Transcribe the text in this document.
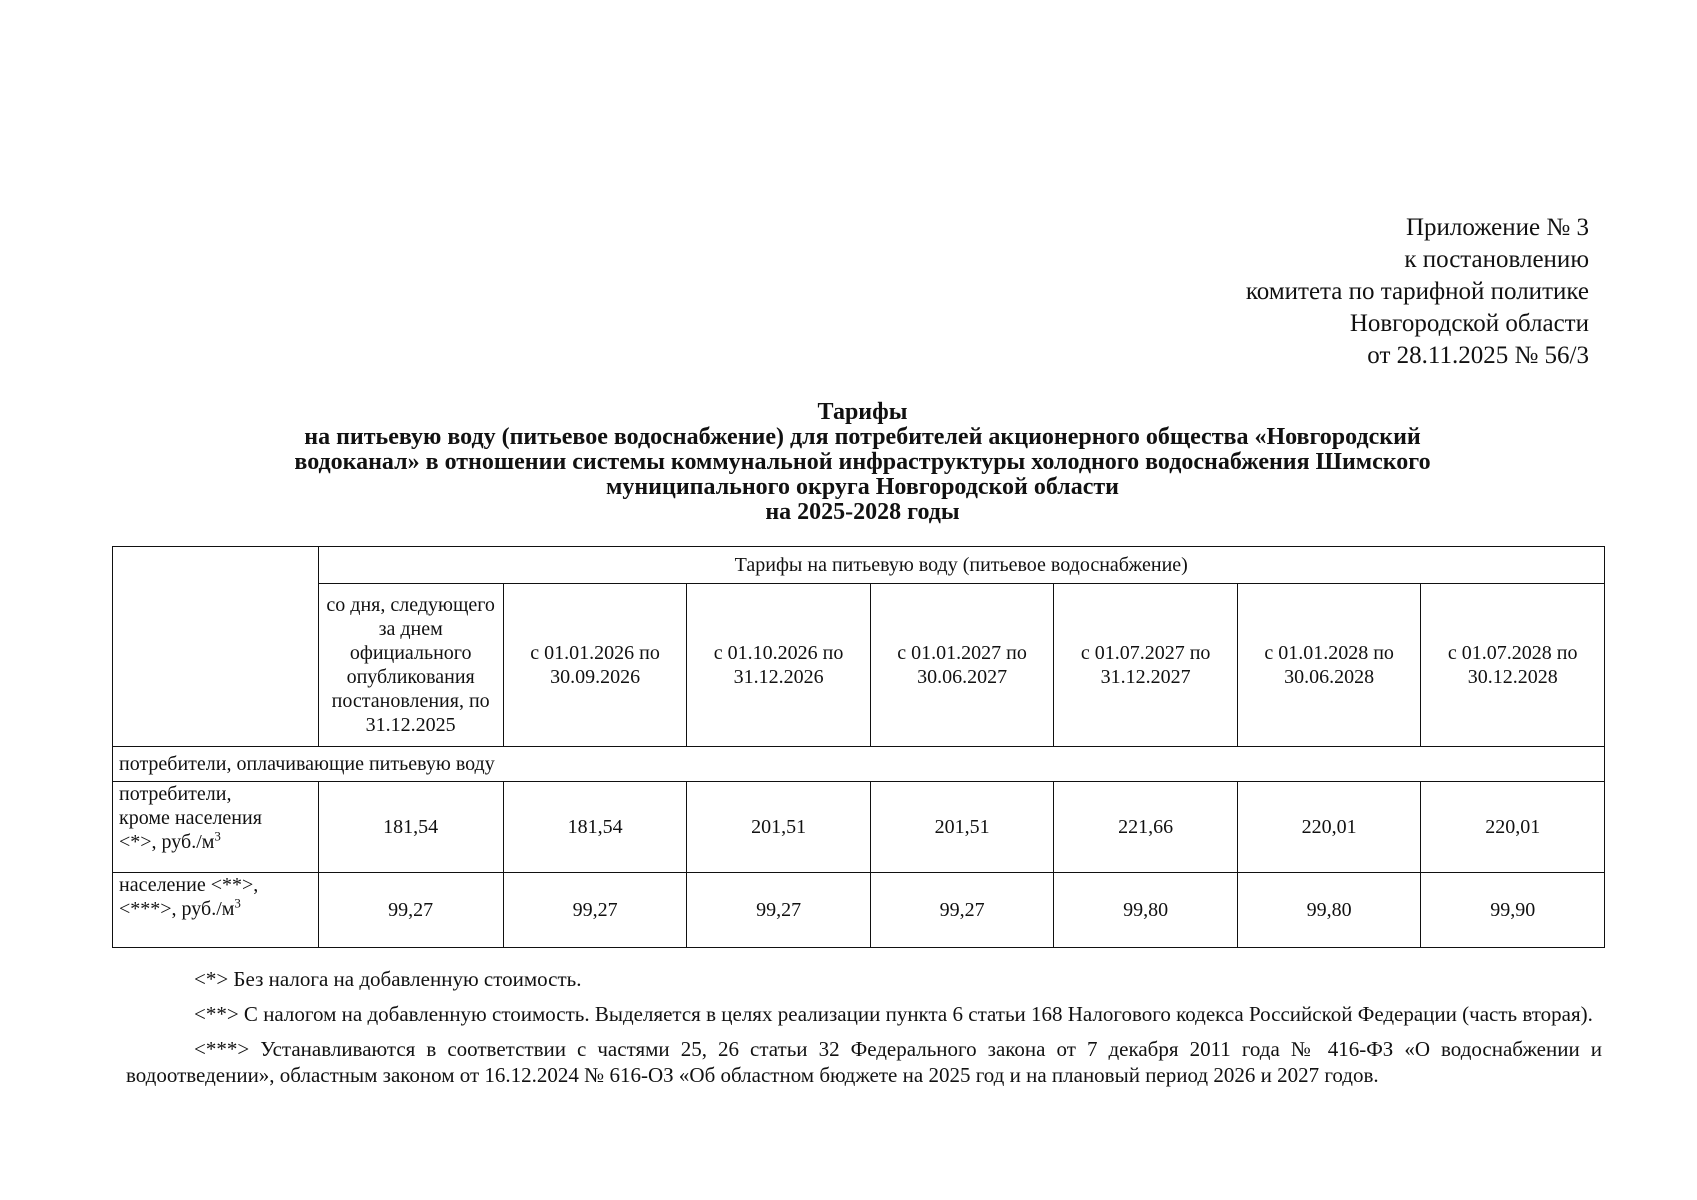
Приложение № 3
к постановлению
комитета по тарифной политике
Новгородской области
от 28.11.2025 № 56/3
Тарифы
на питьевую воду (питьевое водоснабжение) для потребителей акционерного общества «Новгородский
водоканал» в отношении системы коммунальной инфраструктуры холодного водоснабжения Шимского
муниципального округа Новгородской области
на 2025-2028 годы
	Тарифы на питьевую воду (питьевое водоснабжение)						
	со дня, следующего за днем официального опубликования постановления, по 31.12.2025	с 01.01.2026 по 30.09.2026	с 01.10.2026 по 31.12.2026	с 01.01.2027 по 30.06.2027	с 01.07.2027 по 31.12.2027	с 01.01.2028 по 30.06.2028	с 01.07.2028 по 30.12.2028
потребители, оплачивающие питьевую воду							

потребители,
кроме населения
<*>, $руб./м^3$	181,54	181,54	201,51	201,51	221,66	220,01	220,01

население <**>,
<***>, $руб./м^3$	99,27	99,27	99,27	99,27	99,80	99,80	99,90

<*> Без налога на добавленную стоимость.

<**> С налогом на добавленную стоимость. Выделяется в целях реализации пункта 6 статьи 168 Налогового кодекса Российской Федерации (часть вторая).

<***> Устанавливаются в соответствии с частями 25, 26 статьи 32 Федерального закона от 7 декабря 2011 года № 416-ФЗ «О водоснабжении и водоотведении», областным законом от 16.12.2024 № 616-ОЗ «Об областном бюджете на 2025 год и на плановый период 2026 и 2027 годов.
